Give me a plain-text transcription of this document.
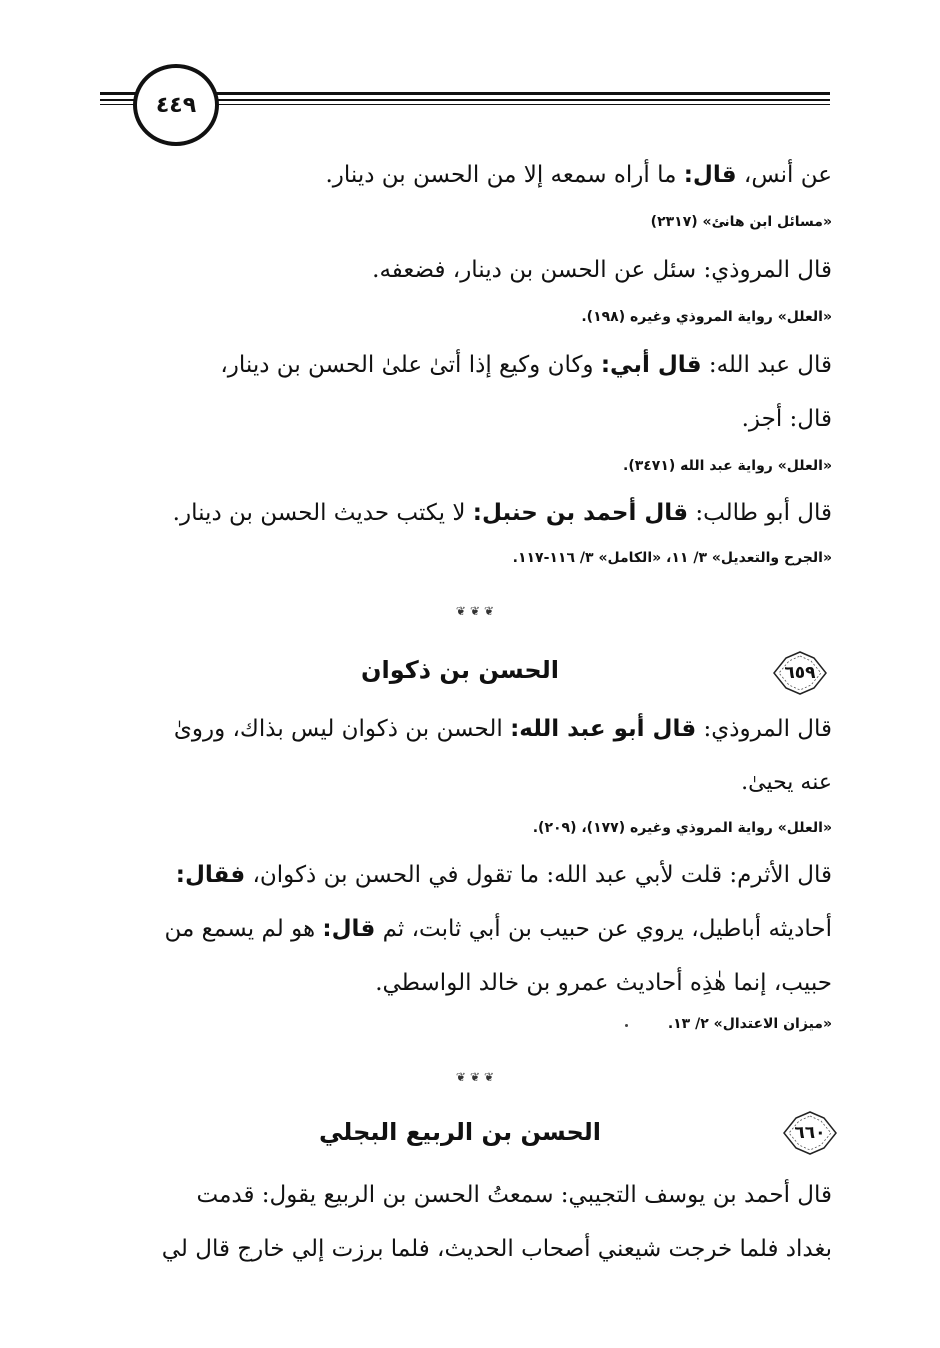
٤٤٩
عن أنس، قال: ما أراه سمعه إلا من الحسن بن دينار.
«مسائل ابن هانئ» (٢٣١٧)
قال المروذي: سئل عن الحسن بن دينار، فضعفه.
«العلل» رواية المروذي وغيره (١٩٨).
قال عبد الله: قال أبي: وكان وكيع إذا أتىٰ علىٰ الحسن بن دينار،
قال: أجز.
«العلل» رواية عبد الله (٣٤٧١).
قال أبو طالب: قال أحمد بن حنبل: لا يكتب حديث الحسن بن دينار.
«الجرح والتعديل» ٣/ ١١، «الكامل» ٣/ ١١٦-١١٧.
❦ ❦ ❦
٦٥٩
الحسن بن ذكوان
قال المروذي: قال أبو عبد الله: الحسن بن ذكوان ليس بذاك، وروىٰ
عنه يحيىٰ.
«العلل» رواية المروذي وغيره (١٧٧)، (٢٠٩).
قال الأثرم: قلت لأبي عبد الله: ما تقول في الحسن بن ذكوان، فقال:
أحاديثه أباطيل، يروي عن حبيب بن أبي ثابت، ثم قال: هو لم يسمع من
حبيب، إنما هٰذِه أحاديث عمرو بن خالد الواسطي.
«ميزان الاعتدال» ٢/ ١٣.
❦ ❦ ❦
٦٦٠
الحسن بن الربيع البجلي
قال أحمد بن يوسف التجيبي: سمعتُ الحسن بن الربيع يقول: قدمت
بغداد فلما خرجت شيعني أصحاب الحديث، فلما برزت إلي خارج قال لي
